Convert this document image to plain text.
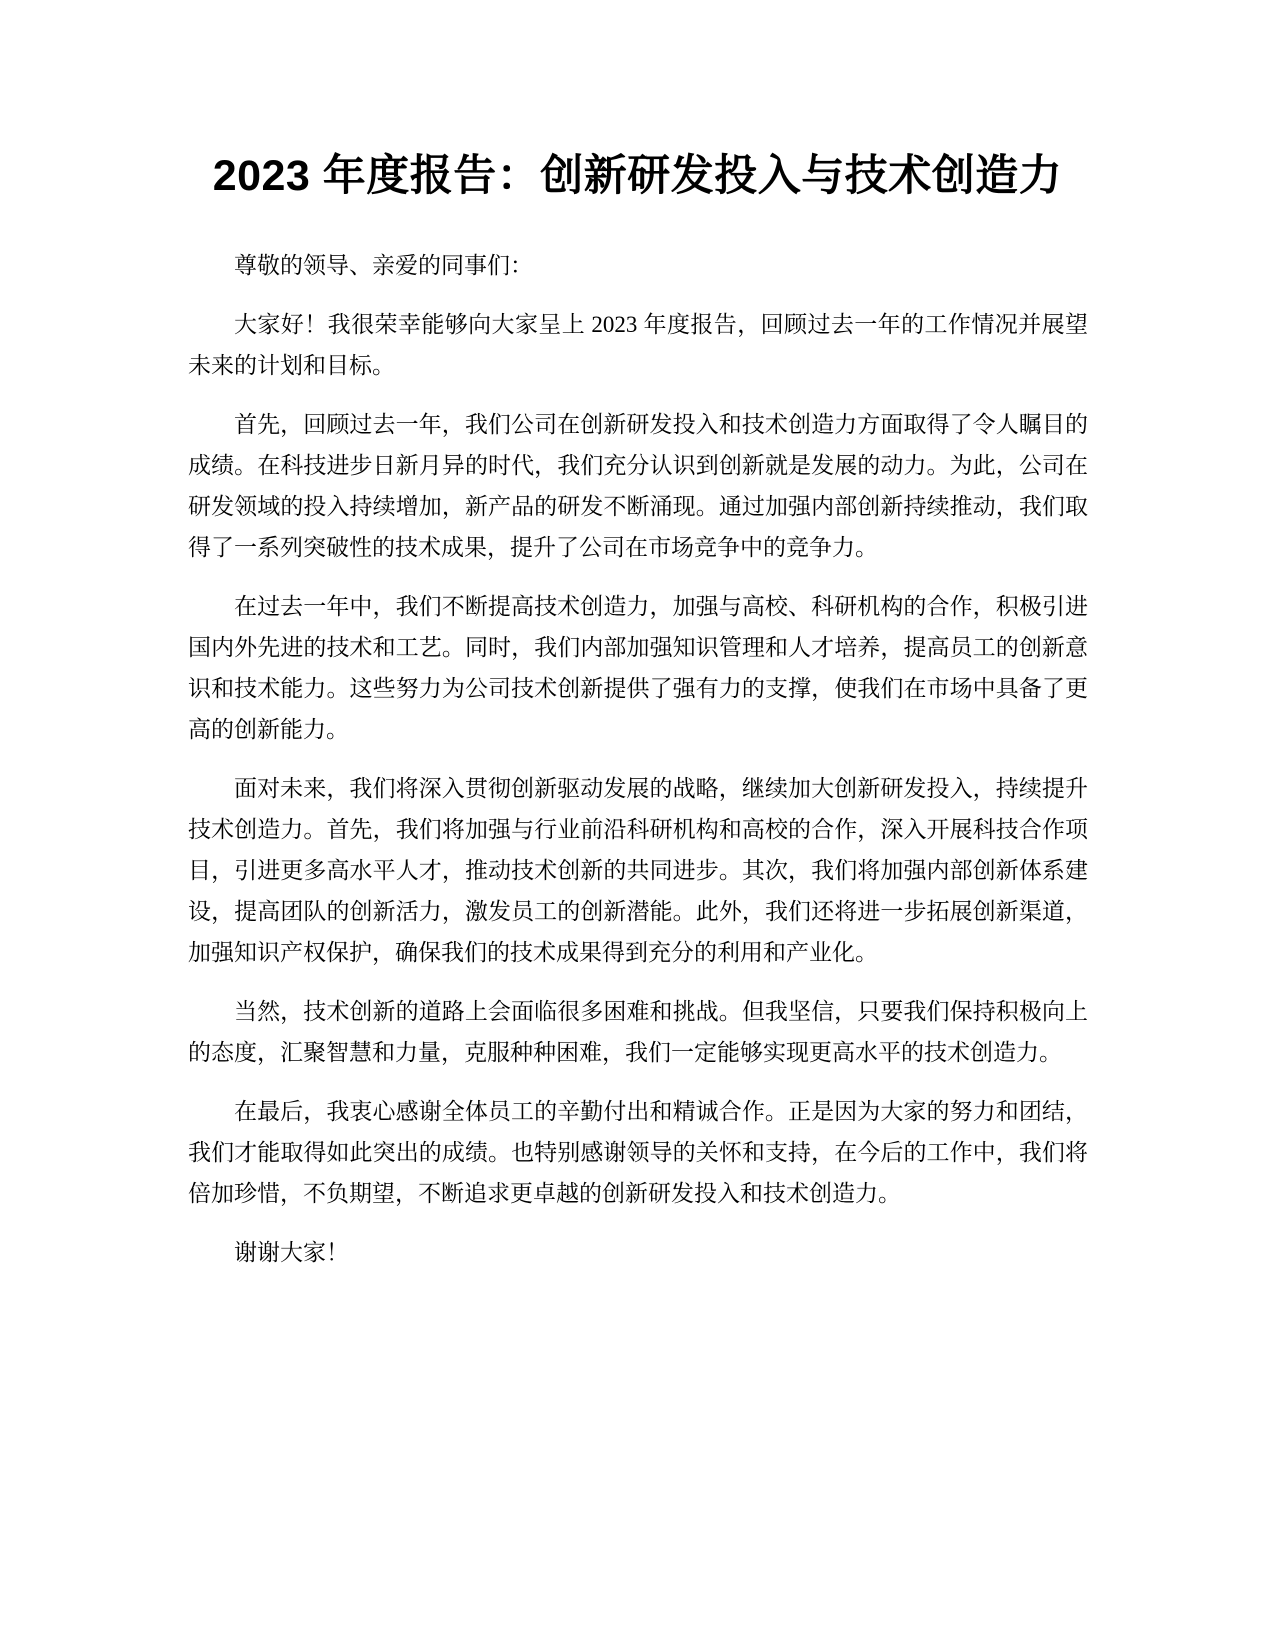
2023 年度报告：创新研发投入与技术创造力

尊敬的领导、亲爱的同事们：

大家好！我很荣幸能够向大家呈上 2023 年度报告，回顾过去一年的工作情况并展望未来的计划和目标。

首先，回顾过去一年，我们公司在创新研发投入和技术创造力方面取得了令人瞩目的成绩。在科技进步日新月异的时代，我们充分认识到创新就是发展的动力。为此，公司在研发领域的投入持续增加，新产品的研发不断涌现。通过加强内部创新持续推动，我们取得了一系列突破性的技术成果，提升了公司在市场竞争中的竞争力。

在过去一年中，我们不断提高技术创造力，加强与高校、科研机构的合作，积极引进国内外先进的技术和工艺。同时，我们内部加强知识管理和人才培养，提高员工的创新意识和技术能力。这些努力为公司技术创新提供了强有力的支撑，使我们在市场中具备了更高的创新能力。

面对未来，我们将深入贯彻创新驱动发展的战略，继续加大创新研发投入，持续提升技术创造力。首先，我们将加强与行业前沿科研机构和高校的合作，深入开展科技合作项目，引进更多高水平人才，推动技术创新的共同进步。其次，我们将加强内部创新体系建设，提高团队的创新活力，激发员工的创新潜能。此外，我们还将进一步拓展创新渠道，加强知识产权保护，确保我们的技术成果得到充分的利用和产业化。

当然，技术创新的道路上会面临很多困难和挑战。但我坚信，只要我们保持积极向上的态度，汇聚智慧和力量，克服种种困难，我们一定能够实现更高水平的技术创造力。

在最后，我衷心感谢全体员工的辛勤付出和精诚合作。正是因为大家的努力和团结，我们才能取得如此突出的成绩。也特别感谢领导的关怀和支持，在今后的工作中，我们将倍加珍惜，不负期望，不断追求更卓越的创新研发投入和技术创造力。

谢谢大家！
